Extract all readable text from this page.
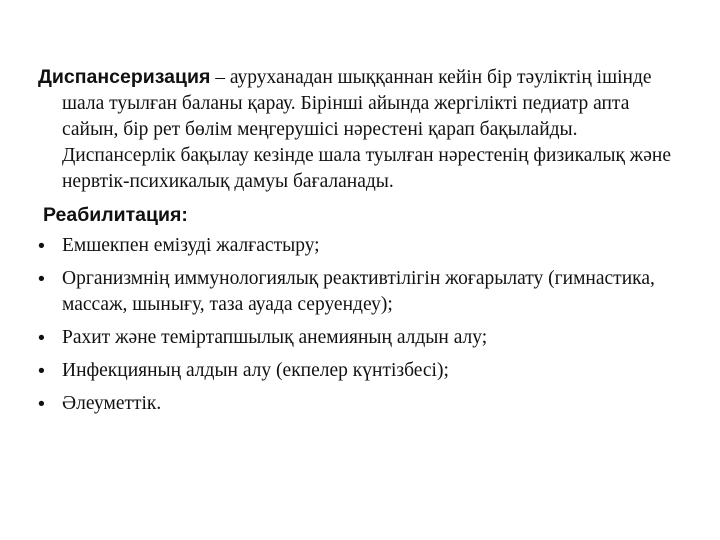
Диспансеризация – ауруханадан шыққаннан кейін бір тәуліктің ішінде шала туылған баланы қарау. Бірінші айында жергілікті педиатр апта сайын, бір рет бөлім меңгерушісі нәрестені қарап бақылайды. Диспансерлік бақылау кезінде шала туылған нәрестенің физикалық және нервтік-психикалық дамуы бағаланады.

Реабилитация:
• Емшекпен емізуді жалғастыру;
• Организмнің иммунологиялық реактивтілігін жоғарылату (гимнастика, массаж, шынығу, таза ауада серуендеу);
• Рахит және теміртапшылық анемияның алдын алу;
• Инфекцияның алдын алу (екпелер күнтізбесі);
• Әлеуметтік.
